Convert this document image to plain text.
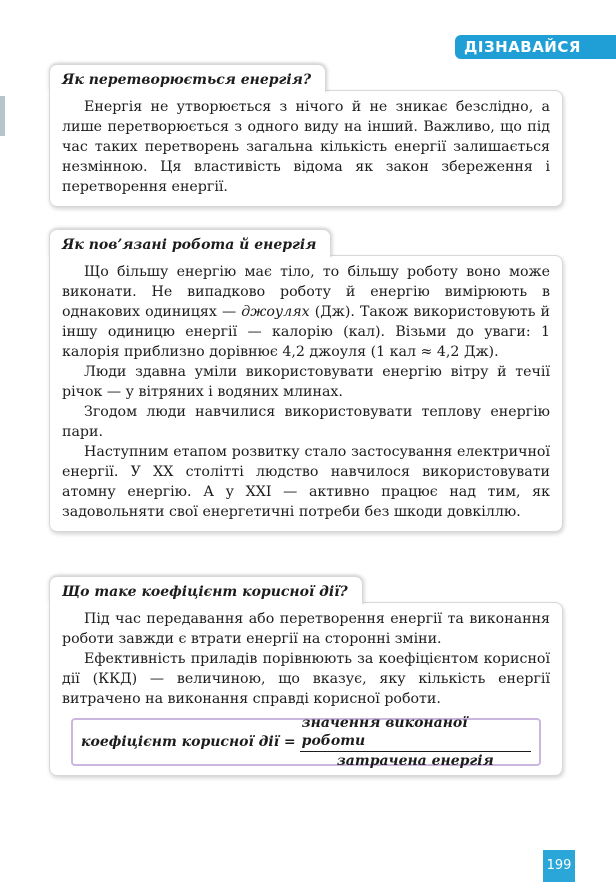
ДІЗНАВАЙСЯ
Як перетворюється енергія?

Енергія не утворюється з нічого й не зникає безслідно, а лише перетворюється з одного виду на інший. Важливо, що під час таких перетворень загальна кількість енергії залишається незмінною. Ця властивість відома як закон збереження і перетворення енергії.

Як пов’язані робота й енергія

Що більшу енергію має тіло, то більшу роботу воно може виконати. Не випадково роботу й енергію вимірюють в однакових одиницях — джоулях (Дж). Також використовують й іншу одиницю енергії — калорію (кал). Візьми до уваги: 1 калорія приблизно дорівнює 4,2 джоуля (1 кал ≈ 4,2 Дж).

Люди здавна уміли використовувати енергію вітру й течії річок — у вітряних і водяних млинах.

Згодом люди навчилися використовувати теплову енергію пари.

Наступним етапом розвитку стало застосування електричної енергії. У XX столітті людство навчилося використовувати атомну енергію. А у XXI — активно працює над тим, як задовольняти свої енергетичні потреби без шкоди довкіллю.

Що таке коефіцієнт корисної дії?

Під час передавання або перетворення енергії та виконання роботи завжди є втрати енергії на сторонні зміни.

Ефективність приладів порівнюють за коефіцієнтом корисної дії (ККД) — величиною, що вказує, яку кількість енергії витрачено на виконання справді корисної роботи.

коефіцієнт корисної дії = $\frac{\text{значення виконаної роботи}}{\text{затрачена енергія}}$
199
